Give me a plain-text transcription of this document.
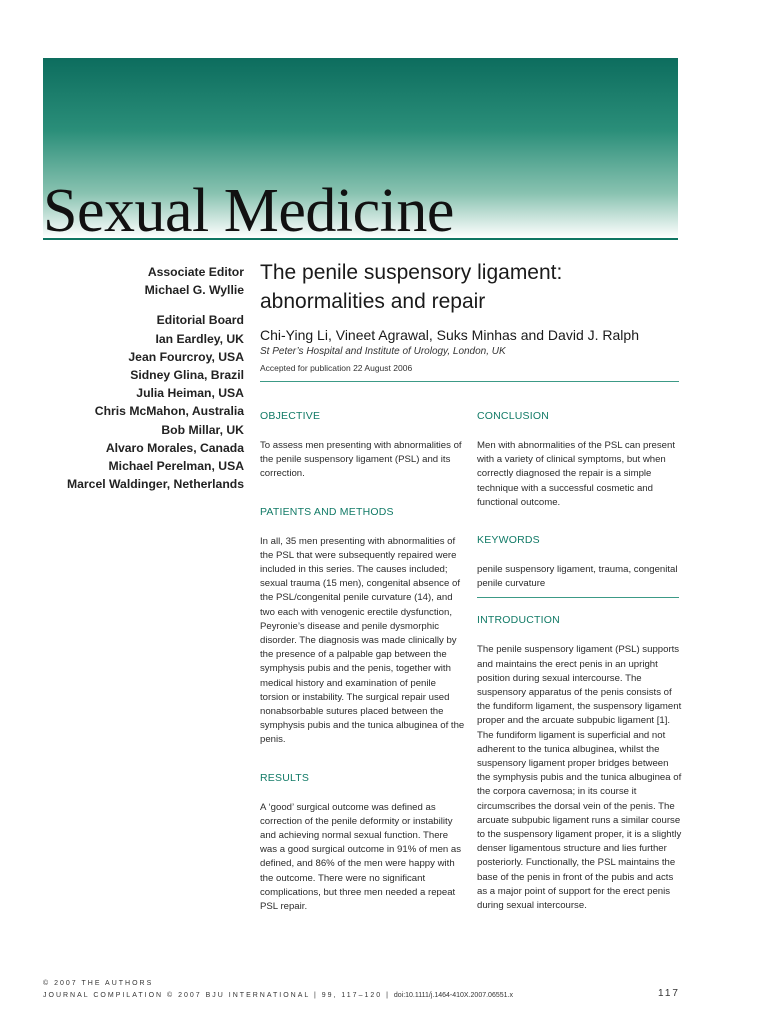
Sexual Medicine
Associate Editor
Michael G. Wyllie
Editorial Board
Ian Eardley, UK
Jean Fourcroy, USA
Sidney Glina, Brazil
Julia Heiman, USA
Chris McMahon, Australia
Bob Millar, UK
Alvaro Morales, Canada
Michael Perelman, USA
Marcel Waldinger, Netherlands
The penile suspensory ligament:
abnormalities and repair
Chi-Ying Li, Vineet Agrawal, Suks Minhas and David J. Ralph
St Peter’s Hospital and Institute of Urology, London, UK
Accepted for publication 22 August 2006
OBJECTIVE

To assess men presenting with abnormalities of the penile suspensory ligament (PSL) and its correction.

PATIENTS AND METHODS

In all, 35 men presenting with abnormalities of the PSL that were subsequently repaired were included in this series. The causes included; sexual trauma (15 men), congenital absence of the PSL/congenital penile curvature (14), and two each with venogenic erectile dysfunction, Peyronie’s disease and penile dysmorphic disorder. The diagnosis was made clinically by the presence of a palpable gap between the symphysis pubis and the penis, together with medical history and examination of penile torsion or instability. The surgical repair used nonabsorbable sutures placed between the symphysis pubis and the tunica albuginea of the penis.

RESULTS

A ‘good’ surgical outcome was defined as correction of the penile deformity or instability and achieving normal sexual function. There was a good surgical outcome in 91% of men as defined, and 86% of the men were happy with the outcome. There were no significant complications, but three men needed a repeat PSL repair.

CONCLUSION

Men with abnormalities of the PSL can present with a variety of clinical symptoms, but when correctly diagnosed the repair is a simple technique with a successful cosmetic and functional outcome.

KEYWORDS

penile suspensory ligament, trauma, congenital penile curvature

INTRODUCTION

The penile suspensory ligament (PSL) supports and maintains the erect penis in an upright position during sexual intercourse. The suspensory apparatus of the penis consists of the fundiform ligament, the suspensory ligament proper and the arcuate subpubic ligament [1]. The fundiform ligament is superficial and not adherent to the tunica albuginea, whilst the suspensory ligament proper bridges between the symphysis pubis and the tunica albuginea of the corpora cavernosa; in its course it circumscribes the dorsal vein of the penis. The arcuate subpubic ligament runs a similar course to the suspensory ligament proper, it is a slightly denser ligamentous structure and lies further posteriorly. Functionally, the PSL maintains the base of the penis in front of the pubis and acts as a major point of support for the erect penis during sexual intercourse.

© 2007 THE AUTHORS
JOURNAL COMPILATION © 2007 BJU INTERNATIONAL | 99, 117–120 | doi:10.1111/j.1464-410X.2007.06551.x	117
